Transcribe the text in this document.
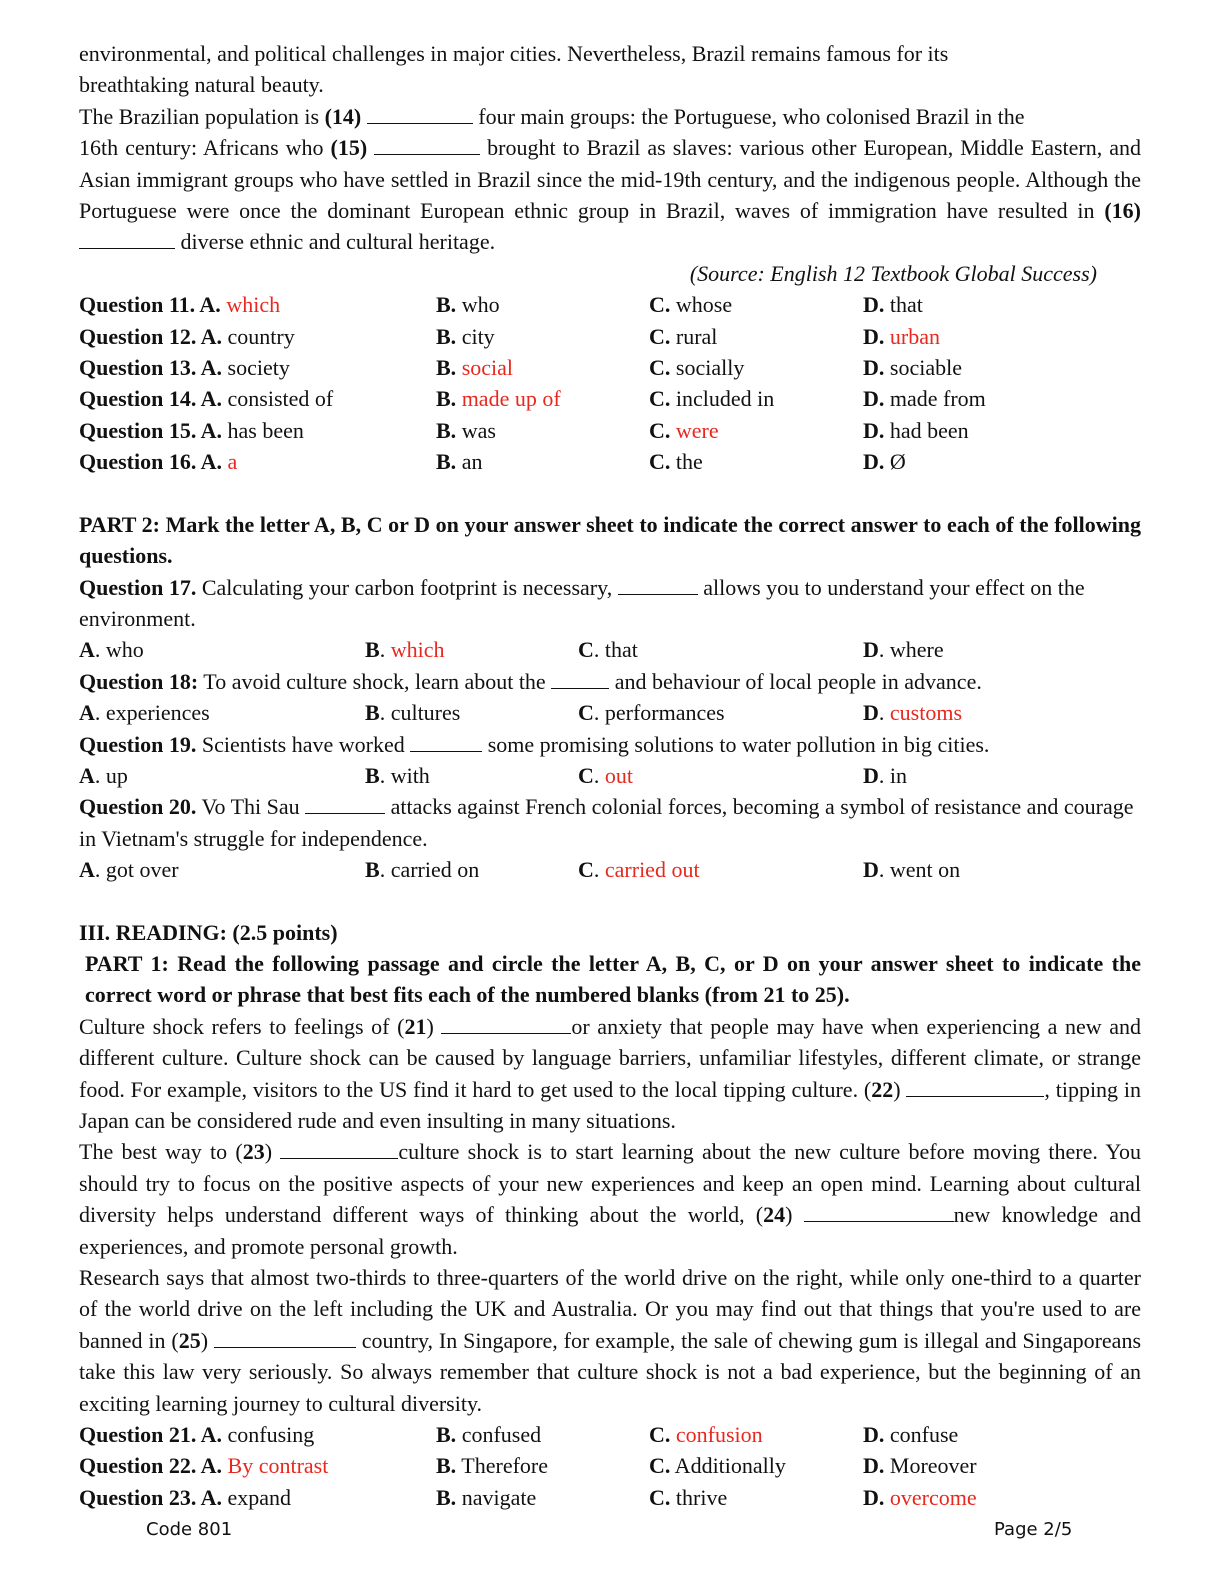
environmental, and political challenges in major cities. Nevertheless, Brazil remains famous for its

breathtaking natural beauty.

The Brazilian population is (14)	four main groups: the Portuguese, who colonised Brazil in the
16th century: Africans who (15)	brought to Brazil as slaves: various other European, Middle Eastern, and Asian immigrant groups who have settled in Brazil since the mid-19th century, and the indigenous people. Although the Portuguese were once the dominant European ethnic group in Brazil, waves of immigration have resulted in (16)  diverse ethnic and cultural heritage.

(Source: English 12 Textbook Global Success)

Question 11. A. which	B. who	C. whose	D. that
Question 12. A. country	B. city	C. rural	D. urban
Question 13. A. society	B. social	C. socially	D. sociable
Question 14. A. consisted of	B. made up of	C. included in	D. made from
Question 15. A. has been	B. was	C. were	D. had been
Question 16. A. a	B. an	C. the	D. Ø

PART 2: Mark the letter A, B, C or D on your answer sheet to indicate the correct answer to each of the following questions.

Question 17. Calculating your carbon footprint is necessary,	allows you to understand your effect on the environment.

A. who	B. which	C. that	D. where

Question 18: To avoid culture shock, learn about the	and behaviour of local people in advance.

A. experiences	B. cultures	C. performances	D. customs

Question 19. Scientists have worked	some promising solutions to water pollution in big cities.

A. up	B. with	C. out	D. in

Question 20. Vo Thi Sau	attacks against French colonial forces, becoming a symbol of resistance and courage in Vietnam's struggle for independence.

A. got over	B. carried on	C. carried out	D. went on

III. READING: (2.5 points)

PART 1: Read the following passage and circle the letter A, B, C, or D on your answer sheet to indicate the correct word or phrase that best fits each of the numbered blanks (from 21 to 25).

Culture shock refers to feelings of (21)	or anxiety that people may have when experiencing a new and different culture. Culture shock can be caused by language barriers, unfamiliar lifestyles, different climate, or strange food. For example, visitors to the US find it hard to get used to the local tipping culture. (22)	, tipping in Japan can be considered rude and even insulting in many situations.

The best way to (23)	culture shock is to start learning about the new culture before moving there. You should try to focus on the positive aspects of your new experiences and keep an open mind. Learning about cultural diversity helps understand different ways of thinking about the world, (24)	new knowledge and experiences, and promote personal growth.

Research says that almost two-thirds to three-quarters of the world drive on the right, while only one-third to a quarter of the world drive on the left including the UK and Australia. Or you may find out that things that you're used to are banned in (25)	country, In Singapore, for example, the sale of chewing gum is illegal and Singaporeans take this law very seriously. So always remember that culture shock is not a bad experience, but the beginning of an exciting learning journey to cultural diversity.

Question 21. A. confusing	B. confused	C. confusion	D. confuse
Question 22. A. By contrast	B. Therefore	C. Additionally	D. Moreover
Question 23. A. expand	B. navigate	C. thrive	D. overcome
Code 801	Page 2/5
